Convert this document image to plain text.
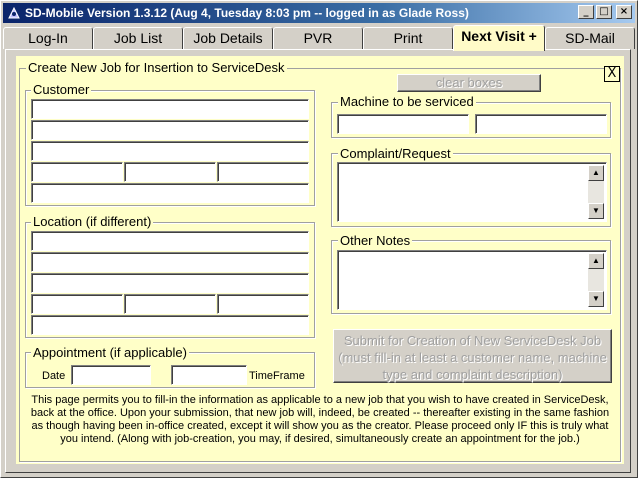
SD-Mobile Version 1.3.12 (Aug 4, Tuesday 8:03 pm -- logged in as Glade Ross)	_	□	×
Log-In	Job List	Job Details	PVR	Print	Next Visit +	SD-Mail
Create New Job for Insertion to ServiceDesk	X
clear boxes
Customer
Location (if different)
Appointment (if applicable)
Date	TimeFrame
Machine to be serviced
Complaint/Request
▲
▼
Other Notes
▲
▼
Submit for Creation of New ServiceDesk Job (must fill-in at least a customer name, machine type and complaint description)
This page permits you to fill-in the information as applicable to a new job that you wish to have created in ServiceDesk, back at the office. Upon your submission, that new job will, indeed, be created -- thereafter existing in the same fashion as though having been in-office created, except it will show you as the creator. Please proceed only IF this is truly what you intend. (Along with job-creation, you may, if desired, simultaneously create an appointment for the job.)
